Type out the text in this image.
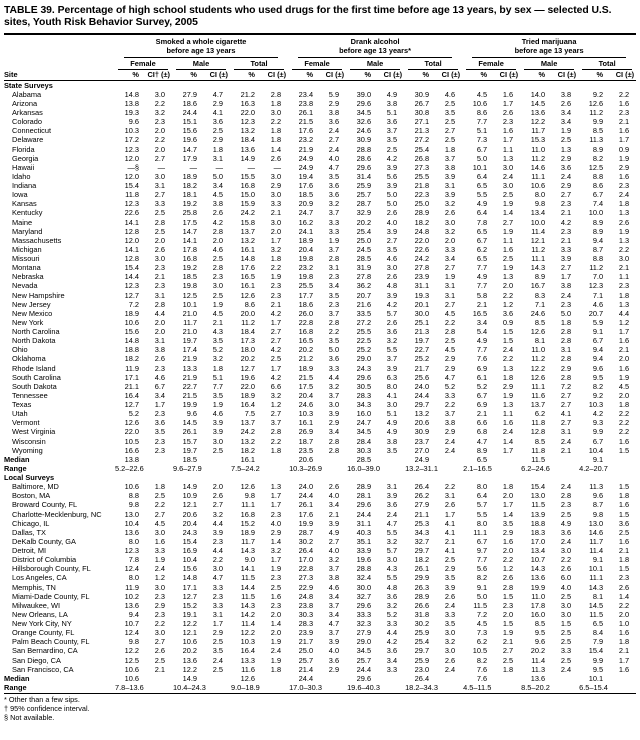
TABLE 39. Percentage of high school students who used drugs for the first time before age 13 years, by sex — selected U.S. sites, Youth Risk Behavior Survey, 2005

	Smoked a whole cigarette
before age 13 years						Drank alcohol
before age 13 years*						Tried marijuana
before age 13 years					

	Female		Male		Total		Female		Male		Total		Female		Male		Total	

Site	%	CI† (±)	%	CI (±)	%	CI (±)	%	CI (±)	%	CI (±)	%	CI (±)	%	CI (±)	%	CI (±)	%	CI (±)
State Surveys																		
Alabama	14.8	3.0	27.9	4.7	21.2	2.8	23.4	5.9	39.0	4.9	30.9	4.6	4.5	1.6	14.0	3.8	9.2	2.2
Arizona	13.8	2.2	18.6	2.9	16.3	1.8	23.8	2.9	29.6	3.8	26.7	2.5	10.6	1.7	14.5	2.6	12.6	1.6
Arkansas	19.3	3.2	24.4	4.1	22.0	3.0	26.1	3.8	34.5	5.1	30.8	3.5	8.6	2.6	13.6	3.4	11.2	2.3
Colorado	9.6	2.3	15.1	3.6	12.3	2.2	21.5	3.6	32.6	3.6	27.1	2.5	7.7	2.3	12.2	3.4	9.9	2.1
Connecticut	10.3	2.0	15.6	2.5	13.2	1.8	17.6	2.4	24.6	3.7	21.3	2.7	5.1	1.6	11.7	1.9	8.5	1.6
Delaware	17.2	2.2	19.6	2.9	18.4	1.8	23.2	2.7	30.9	3.5	27.2	2.5	7.3	1.7	15.3	2.5	11.3	1.7
Florida	12.3	2.0	14.7	1.8	13.6	1.4	21.9	2.4	28.8	2.5	25.4	1.8	6.7	1.1	11.0	1.3	8.9	0.9
Georgia	12.0	2.7	17.9	3.1	14.9	2.6	24.9	4.0	28.6	4.2	26.8	3.7	5.0	1.3	11.2	2.9	8.2	1.9
Hawaii	—§	—	—	—	—	—	24.9	4.7	29.6	3.9	27.3	3.8	10.1	3.0	14.6	3.6	12.5	2.9
Idaho	12.0	3.0	18.9	5.0	15.5	3.0	19.4	3.5	31.4	5.6	25.5	3.9	6.4	2.4	11.1	2.4	8.8	1.6
Indiana	15.4	3.1	18.2	3.4	16.8	2.9	17.6	3.6	25.9	3.9	21.8	3.1	6.5	3.0	10.6	2.9	8.6	2.3
Iowa	11.8	2.7	18.1	4.5	15.0	3.0	18.5	3.6	25.7	5.0	22.3	3.9	5.5	2.5	8.0	2.7	6.7	2.4
Kansas	12.3	3.3	19.2	3.8	15.9	3.3	20.9	3.2	28.7	5.0	25.0	3.2	4.9	1.9	9.8	2.3	7.4	1.8
Kentucky	22.6	2.5	25.8	2.6	24.2	2.1	24.7	3.7	32.9	2.6	28.9	2.6	6.4	1.4	13.4	2.1	10.0	1.3
Maine	14.1	2.8	17.5	4.2	15.8	3.0	16.2	3.3	20.2	4.0	18.2	3.0	7.8	2.7	10.0	4.2	8.9	2.6
Maryland	12.8	2.5	14.7	2.8	13.7	2.0	24.1	3.3	25.4	3.9	24.8	3.2	6.5	1.9	11.4	2.3	8.9	1.9
Massachusetts	12.0	2.0	14.1	2.0	13.2	1.7	18.9	1.9	25.0	2.7	22.0	2.0	6.7	1.1	12.1	2.1	9.4	1.3
Michigan	14.1	2.6	17.8	4.6	16.1	3.2	20.4	3.7	24.5	3.5	22.6	3.3	6.2	1.6	11.2	3.3	8.7	2.2
Missouri	12.8	3.0	16.8	2.5	14.8	1.8	19.8	2.8	28.5	4.6	24.2	3.4	6.5	2.5	11.1	3.9	8.8	3.0
Montana	15.4	2.3	19.2	2.8	17.6	2.2	23.2	3.1	31.9	3.0	27.8	2.7	7.7	1.9	14.3	2.7	11.2	2.1
Nebraska	14.4	2.1	18.5	2.3	16.5	1.9	19.8	2.3	27.8	2.6	23.9	1.9	4.9	1.3	8.9	1.7	7.0	1.1
Nevada	12.3	2.3	19.8	3.0	16.1	2.3	25.5	3.4	36.2	4.8	31.1	3.1	7.7	2.0	16.7	3.8	12.3	2.3
New Hampshire	12.7	3.1	12.5	2.5	12.6	2.3	17.7	3.5	20.7	3.9	19.3	3.1	5.8	2.2	8.3	2.4	7.1	1.8
New Jersey	7.2	2.8	10.1	1.9	8.6	2.1	18.6	2.3	21.6	4.2	20.1	2.7	2.1	1.2	7.1	2.3	4.6	1.3
New Mexico	18.9	4.4	21.0	4.5	20.0	4.2	26.0	3.7	33.5	5.7	30.0	4.5	16.5	3.6	24.6	5.0	20.7	4.4
New York	10.6	2.0	11.7	2.1	11.2	1.7	22.8	2.8	27.2	2.6	25.1	2.2	3.4	0.9	8.5	1.8	5.9	1.2
North Carolina	15.6	2.0	21.0	4.3	18.4	2.7	16.8	2.2	25.5	3.6	21.3	2.8	5.4	1.5	12.6	2.8	9.1	1.7
North Dakota	14.8	3.1	19.7	3.5	17.3	2.7	16.5	3.5	22.5	3.2	19.7	2.5	4.9	1.5	8.1	2.8	6.7	1.6
Ohio	18.8	3.8	17.4	5.2	18.0	4.2	20.2	5.0	25.2	5.5	22.7	4.5	7.7	2.4	11.0	3.1	9.4	2.1
Oklahoma	18.2	2.6	21.9	3.2	20.2	2.5	21.2	3.6	29.0	3.7	25.2	2.9	7.6	2.2	11.2	2.8	9.4	2.0
Rhode Island	11.9	2.3	13.3	1.8	12.7	1.7	18.9	3.3	24.3	3.9	21.7	2.9	6.9	1.3	12.2	2.9	9.6	1.6
South Carolina	17.1	4.6	21.9	5.1	19.6	4.2	21.5	4.4	29.6	6.3	25.6	4.7	6.1	1.8	12.6	2.8	9.5	1.9
South Dakota	21.1	6.7	22.7	7.7	22.0	6.6	17.5	3.2	30.5	8.0	24.0	5.2	5.2	2.9	11.1	7.2	8.2	4.5
Tennessee	16.4	3.4	21.5	3.5	18.9	3.2	20.4	3.7	28.3	4.1	24.4	3.3	6.7	1.9	11.6	2.7	9.2	2.0
Texas	12.7	1.7	19.9	1.9	16.4	1.2	24.6	3.0	34.3	3.0	29.7	2.2	6.9	1.3	13.7	2.7	10.3	1.8
Utah	5.2	2.3	9.6	4.6	7.5	2.7	10.3	3.9	16.0	5.1	13.2	3.7	2.1	1.1	6.2	4.1	4.2	2.2
Vermont	12.6	3.6	14.5	3.9	13.7	3.7	16.1	2.9	24.7	4.9	20.6	3.8	6.6	1.6	11.8	2.7	9.3	2.2
West Virginia	22.0	3.5	26.1	3.9	24.2	2.8	26.9	3.4	34.5	4.9	30.9	2.9	6.8	2.4	12.8	3.1	9.9	2.2
Wisconsin	10.5	2.3	15.7	3.0	13.2	2.2	18.7	2.8	28.4	3.8	23.7	2.4	4.7	1.4	8.5	2.4	6.7	1.6
Wyoming	16.6	2.3	19.7	2.5	18.2	1.8	23.5	2.8	30.3	3.5	27.0	2.4	8.9	1.7	11.8	2.1	10.4	1.5
Median	13.8		18.5		16.1		20.6		28.5		24.9		6.5		11.5		9.1	
Range	5.2–22.6		9.6–27.9		7.5–24.2		10.3–26.9		16.0–39.0		13.2–31.1		2.1–16.5		6.2–24.6		4.2–20.7	
Local Surveys																		
Baltimore, MD	10.6	1.8	14.9	2.0	12.6	1.3	24.0	2.6	28.9	3.1	26.4	2.2	8.0	1.8	15.4	2.4	11.3	1.5
Boston, MA	8.8	2.5	10.9	2.6	9.8	1.7	24.4	4.0	28.1	3.9	26.2	3.1	6.4	2.0	13.0	2.8	9.6	1.8
Broward County, FL	9.8	2.2	12.1	2.7	11.1	1.7	26.1	3.4	29.6	3.6	27.9	2.6	5.7	1.7	11.5	2.3	8.7	1.6
Charlotte-Mecklenburg, NC	13.0	2.7	20.6	3.2	16.8	2.3	17.6	2.1	24.4	2.4	21.1	1.7	5.5	1.4	13.9	2.5	9.8	1.5
Chicago, IL	10.4	4.5	20.4	4.4	15.2	4.0	19.9	3.9	31.1	4.7	25.3	4.1	8.0	3.5	18.8	4.9	13.0	3.6
Dallas, TX	13.6	3.0	24.3	3.9	18.9	2.9	28.7	4.9	40.3	5.5	34.3	4.1	11.1	2.9	18.3	3.6	14.6	2.5
DeKalb County, GA	8.0	1.6	15.4	2.3	11.7	1.4	30.2	2.7	35.1	3.2	32.7	2.1	6.7	1.6	17.0	2.4	11.7	1.6
Detroit, MI	12.3	3.3	16.9	4.4	14.3	3.2	26.4	4.0	33.9	5.7	29.7	4.1	9.7	2.0	13.4	3.0	11.4	2.1
District of Columbia	7.8	1.9	10.4	2.2	9.0	1.7	17.0	3.2	19.6	3.0	18.2	2.5	7.7	2.2	10.7	2.2	9.1	1.8
Hillsborough County, FL	12.4	2.4	15.6	3.0	14.1	1.9	22.8	3.7	28.8	4.3	26.1	2.9	5.6	1.2	14.3	2.6	10.1	1.5
Los Angeles, CA	8.0	1.2	14.8	4.7	11.5	2.3	27.3	3.8	32.4	5.5	29.9	3.5	8.2	2.6	13.6	6.0	11.1	2.3
Memphis, TN	11.9	3.0	17.1	3.3	14.4	2.5	22.9	4.6	30.0	4.8	26.3	3.9	9.1	2.8	19.9	4.0	14.3	2.6
Miami-Dade County, FL	10.2	2.3	12.7	2.3	11.5	1.6	24.8	3.4	32.7	3.6	28.9	2.6	5.0	1.5	11.0	2.5	8.1	1.4
Milwaukee, WI	13.6	2.9	15.2	3.3	14.3	2.3	23.8	3.7	29.6	3.2	26.6	2.4	11.5	2.3	17.8	3.0	14.5	2.2
New Orleans, LA	9.4	2.3	19.1	3.1	14.2	2.0	30.3	3.4	33.3	5.2	31.8	3.3	7.2	2.0	16.0	3.0	11.5	2.0
New York City, NY	10.7	2.2	12.2	1.7	11.4	1.4	28.3	4.7	32.3	3.3	30.2	3.5	4.5	1.5	8.5	1.5	6.5	1.0
Orange County, FL	12.4	3.0	12.1	2.9	12.2	2.0	23.9	3.7	27.9	4.4	25.9	3.0	7.3	1.9	9.5	2.5	8.4	1.6
Palm Beach County, FL	9.8	2.7	10.6	2.5	10.3	1.9	21.7	3.9	29.0	4.2	25.4	3.2	6.2	2.1	9.6	2.5	7.9	1.8
San Bernardino, CA	12.2	2.6	20.2	3.5	16.4	2.4	25.0	4.0	34.5	3.6	29.7	3.0	10.5	2.7	20.2	3.3	15.4	2.1
San Diego, CA	12.5	2.5	13.6	2.4	13.3	1.9	25.7	3.6	25.7	3.4	25.9	2.6	8.2	2.5	11.4	2.5	9.9	1.7
San Francisco, CA	10.6	2.1	12.2	2.5	11.6	1.8	21.4	2.9	24.4	3.3	23.0	2.4	7.6	1.8	11.3	2.4	9.5	1.6
Median	10.6		14.9		12.6		24.4		29.6		26.4		7.6		13.6		10.1	
Range	7.8–13.6		10.4–24.3		9.0–18.9		17.0–30.3		19.6–40.3		18.2–34.3		4.5–11.5		8.5–20.2		6.5–15.4	
* Other than a few sips.
† 95% confidence interval.
§ Not available.
